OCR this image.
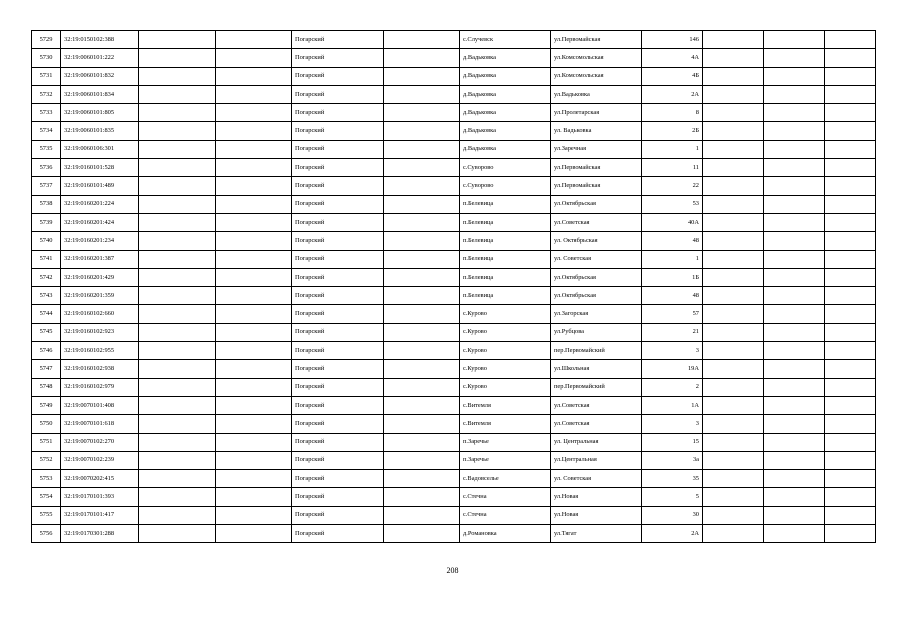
5729	32:19:0150102:388			Погарский		с.Случевск	ул.Первомайская	146			
5730	32:19:0060101:222			Погарский		д.Вадьковка	ул.Комсомольская	4А			
5731	32:19:0060101:832			Погарский		д.Вадьковка	ул.Комсомольская	4Б			
5732	32:19:0060101:834			Погарский		д.Вадьковка	ул.Вадьковка	2А			
5733	32:19:0060101:805			Погарский		д.Вадьковка	ул.Пролетарская	8			
5734	32:19:0060101:835			Погарский		д.Вадьковка	ул. Вадьковка	2Б			
5735	32:19:0060106:301			Погарский		д.Вадьковка	ул.Заречная	1			
5736	32:19:0160101:528			Погарский		с.Суворово	ул.Первомайская	11			
5737	32:19:0160101:489			Погарский		с.Суворово	ул.Первомайская	22			
5738	32:19:0160201:224			Погарский		п.Белевица	ул.Октябрьская	53			
5739	32:19:0160201:424			Погарский		п.Белевица	ул.Советская	40А			
5740	32:19:0160201:234			Погарский		п.Белевица	ул. Октябрьская	48			
5741	32:19:0160201:387			Погарский		п.Белевица	ул. Советская	1			
5742	32:19:0160201:429			Погарский		п.Белевица	ул.Октябрьская	1Б			
5743	32:19:0160201:359			Погарский		п.Белевица	ул.Октябрьская	48			
5744	32:19:0160102:660			Погарский		с.Курово	ул.Загорская	57			
5745	32:19:0160102:923			Погарский		с.Курово	ул.Рубцова	21			
5746	32:19:0160102:955			Погарский		с.Курово	пер.Первомайский	3			
5747	32:19:0160102:938			Погарский		с.Курово	ул.Школьная	19А			
5748	32:19:0160102:979			Погарский		с.Курово	пер.Первомайский	2			
5749	32:19:0070101:408			Погарский		с.Витемля	ул.Советская	1А			
5750	32:19:0070101:618			Погарский		с.Витемля	ул.Советская	3			
5751	32:19:0070102:270			Погарский		п.Заречье	ул. Центральная	15			
5752	32:19:0070102:239			Погарский		п.Заречье	ул.Центральная	3а			
5753	32:19:0070202:415			Погарский		с.Вадовселье	ул. Советская	35			
5754	32:19:0170101:393			Погарский		с.Стечна	ул.Новая	5			
5755	32:19:0170101:417			Погарский		с.Стечна	ул.Новая	30			
5756	32:19:0170301:288			Погарский		д.Романовка	ул.Тягат	2А			
208
